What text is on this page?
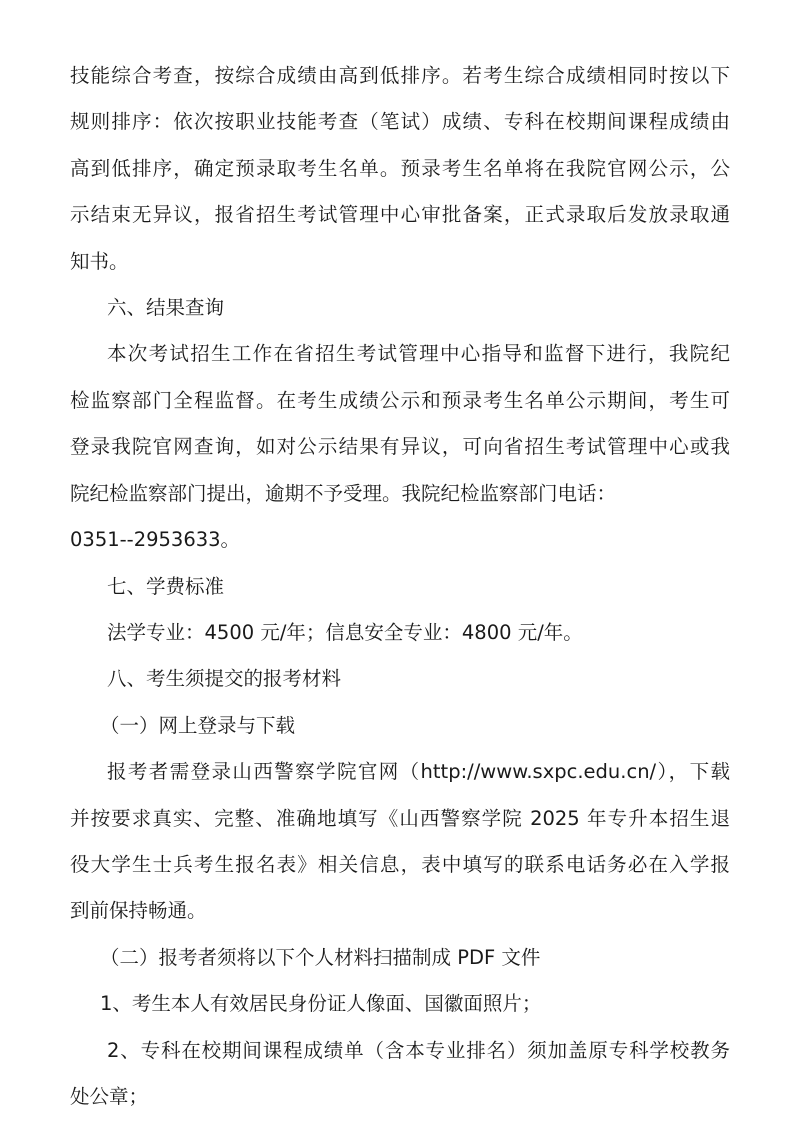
技能综合考查，按综合成绩由高到低排序。若考生综合成绩相同时按以下
规则排序：依次按职业技能考查（笔试）成绩、专科在校期间课程成绩由
高到低排序，确定预录取考生名单。预录考生名单将在我院官网公示，公
示结束无异议，报省招生考试管理中心审批备案，正式录取后发放录取通
知书。
六、结果查询
本次考试招生工作在省招生考试管理中心指导和监督下进行，我院纪
检监察部门全程监督。在考生成绩公示和预录考生名单公示期间，考生可
登录我院官网查询，如对公示结果有异议，可向省招生考试管理中心或我
院纪检监察部门提出，逾期不予受理。我院纪检监察部门电话：
0351--2953633。
七、学费标准
法学专业：4500 元/年；信息安全专业：4800 元/年。
八、考生须提交的报考材料
（一）网上登录与下载
报考者需登录山西警察学院官网（http://www.sxpc.edu.cn/），下载
并按要求真实、完整、准确地填写《山西警察学院 2025 年专升本招生退
役大学生士兵考生报名表》相关信息，表中填写的联系电话务必在入学报
到前保持畅通。
（二）报考者须将以下个人材料扫描制成 PDF 文件
1、考生本人有效居民身份证人像面、国徽面照片；
2、专科在校期间课程成绩单（含本专业排名）须加盖原专科学校教务
处公章；
